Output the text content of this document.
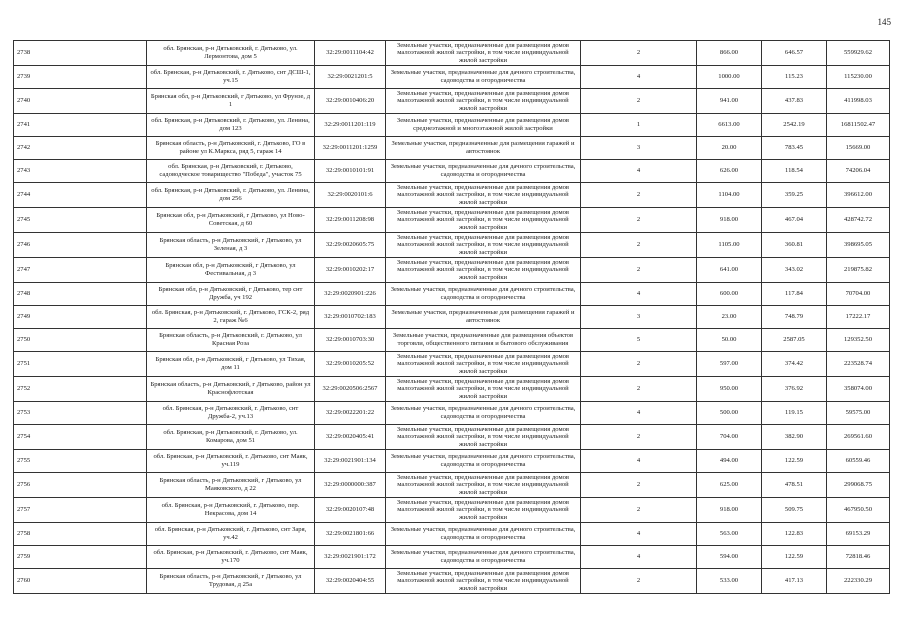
145
2738	обл. Брянская, р-н Дятьковский, г. Дятьково, ул. Лермонтова, дом 5	32:29:0011104:42	Земельные участки, предназначенные для размещения домов малоэтажной жилой застройки, в том числе индивидуальной жилой застройки	2	866.00	646.57	559929.62
2739	обл. Брянская, р-н Дятьковский, г. Дятьково, снт ДСШ-1, уч.15	32:29:0021201:5	Земельные участки, предназначенные для дачного строительства, садоводства и огородничества	4	1000.00	115.23	115230.00
2740	Брянская обл, р-н Дятьковский, г Дятьково, ул Фрунзе, д 1	32:29:0010406:20	Земельные участки, предназначенные для размещения домов малоэтажной жилой застройки, в том числе индивидуальной жилой застройки	2	941.00	437.83	411998.03
2741	обл. Брянская, р-н Дятьковский, г. Дятьково, ул. Ленина, дом 123	32:29:0011201:119	Земельные участки, предназначенные для размещения домов среднеэтажной и многоэтажной жилой застройки	1	6613.00	2542.19	16811502.47
2742	Брянская область, р-н Дятьковский, г. Дятьково, ГО в районе ул К.Маркса, ряд 5, гараж 14	32:29:0011201:1259	Земельные участки, предназначенные для размещения гаражей и автостоянок	3	20.00	783.45	15669.00
2743	обл. Брянская, р-н Дятьковский, г. Дятьково, садоводческое товарищество "Победа", участок 75	32:29:0010101:91	Земельные участки, предназначенные для дачного строительства, садоводства и огородничества	4	626.00	118.54	74206.04
2744	обл. Брянская, р-н Дятьковский, г. Дятьково, ул. Ленина, дом 256	32:29:0020101:6	Земельные участки, предназначенные для размещения домов малоэтажной жилой застройки, в том числе индивидуальной жилой застройки	2	1104.00	359.25	396612.00
2745	Брянская обл, р-н Дятьковский, г Дятьково, ул Ново-Советская, д 60	32:29:0011208:98	Земельные участки, предназначенные для размещения домов малоэтажной жилой застройки, в том числе индивидуальной жилой застройки	2	918.00	467.04	428742.72
2746	Брянская область, р-н Дятьковский, г Дятьково, ул Зеленая, д 3	32:29:0020605:75	Земельные участки, предназначенные для размещения домов малоэтажной жилой застройки, в том числе индивидуальной жилой застройки	2	1105.00	360.81	398695.05
2747	Брянская обл, р-н Дятьковский, г Дятьково, ул Фестивальная, д 3	32:29:0010202:17	Земельные участки, предназначенные для размещения домов малоэтажной жилой застройки, в том числе индивидуальной жилой застройки	2	641.00	343.02	219875.82
2748	Брянская обл, р-н Дятьковский, г Дятьково, тер снт Дружба, уч 192	32:29:0020901:226	Земельные участки, предназначенные для дачного строительства, садоводства и огородничества	4	600.00	117.84	70704.00
2749	обл. Брянская, р-н Дятьковский, г. Дятьково, ГСК-2, ряд 2, гараж №6	32:29:0010702:183	Земельные участки, предназначенные для размещения гаражей и автостоянок	3	23.00	748.79	17222.17
2750	Брянская область, р-н Дятьковский, г. Дятьково, ул Красная Роза	32:29:0010703:30	Земельные участки, предназначенные для размещения объектов торговли, общественного питания и бытового обслуживания	5	50.00	2587.05	129352.50
2751	Брянская обл, р-н Дятьковский, г Дятьково, ул Тихая, дом 11	32:29:0010205:52	Земельные участки, предназначенные для размещения домов малоэтажной жилой застройки, в том числе индивидуальной жилой застройки	2	597.00	374.42	223528.74
2752	Брянская область, р-н Дятьковский, г Дятьково, район ул Краснофлотская	32:29:0020506:2567	Земельные участки, предназначенные для размещения домов малоэтажной жилой застройки, в том числе индивидуальной жилой застройки	2	950.00	376.92	358074.00
2753	обл. Брянская, р-н Дятьковский, г. Дятьково, снт Дружба-2, уч.13	32:29:0022201:22	Земельные участки, предназначенные для дачного строительства, садоводства и огородничества	4	500.00	119.15	59575.00
2754	обл. Брянская, р-н Дятьковский, г. Дятьково, ул. Комарова, дом 51	32:29:0020405:41	Земельные участки, предназначенные для размещения домов малоэтажной жилой застройки, в том числе индивидуальной жилой застройки	2	704.00	382.90	269561.60
2755	обл. Брянская, р-н Дятьковский, г. Дятьково, снт Маяк, уч.119	32:29:0021901:134	Земельные участки, предназначенные для дачного строительства, садоводства и огородничества	4	494.00	122.59	60559.46
2756	Брянская область, р-н Дятьковский, г Дятьково, ул Маяковского, д 22	32:29:0000000:387	Земельные участки, предназначенные для размещения домов малоэтажной жилой застройки, в том числе индивидуальной жилой застройки	2	625.00	478.51	299068.75
2757	обл. Брянская, р-н Дятьковский, г. Дятьково, пер. Некрасова, дом 14	32:29:0020107:48	Земельные участки, предназначенные для размещения домов малоэтажной жилой застройки, в том числе индивидуальной жилой застройки	2	918.00	509.75	467950.50
2758	обл. Брянская, р-н Дятьковский, г. Дятьково, снт Заря, уч.42	32:29:0021801:66	Земельные участки, предназначенные для дачного строительства, садоводства и огородничества	4	563.00	122.83	69153.29
2759	обл. Брянская, р-н Дятьковский, г. Дятьково, снт Маяк, уч.170	32:29:0021901:172	Земельные участки, предназначенные для дачного строительства, садоводства и огородничества	4	594.00	122.59	72818.46
2760	Брянская область, р-н Дятьковский, г Дятьково, ул Трудовая, д 25а	32:29:0020404:55	Земельные участки, предназначенные для размещения домов малоэтажной жилой застройки, в том числе индивидуальной жилой застройки	2	533.00	417.13	222330.29
